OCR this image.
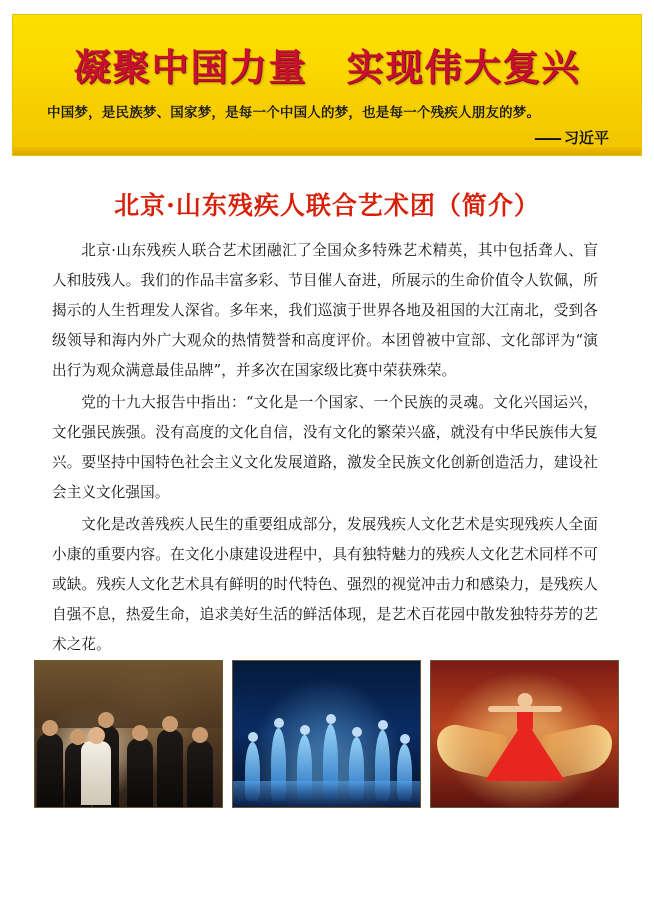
凝聚中国力量　实现伟大复兴
中国梦，是民族梦、国家梦，是每一个中国人的梦，也是每一个残疾人朋友的梦。
—— 习近平
北京·山东残疾人联合艺术团（简介）

北京·山东残疾人联合艺术团融汇了全国众多特殊艺术精英，其中包括聋人、盲人和肢残人。我们的作品丰富多彩、节目催人奋进，所展示的生命价值令人钦佩，所揭示的人生哲理发人深省。多年来，我们巡演于世界各地及祖国的大江南北，受到各级领导和海内外广大观众的热情赞誉和高度评价。本团曾被中宣部、文化部评为“演出行为观众满意最佳品牌”，并多次在国家级比赛中荣获殊荣。

党的十九大报告中指出：“文化是一个国家、一个民族的灵魂。文化兴国运兴，文化强民族强。没有高度的文化自信，没有文化的繁荣兴盛，就没有中华民族伟大复兴。要坚持中国特色社会主义文化发展道路，激发全民族文化创新创造活力，建设社会主义文化强国。

文化是改善残疾人民生的重要组成部分，发展残疾人文化艺术是实现残疾人全面小康的重要内容。在文化小康建设进程中，具有独特魅力的残疾人文化艺术同样不可或缺。残疾人文化艺术具有鲜明的时代特色、强烈的视觉冲击力和感染力，是残疾人自强不息，热爱生命，追求美好生活的鲜活体现，是艺术百花园中散发独特芬芳的艺术之花。
